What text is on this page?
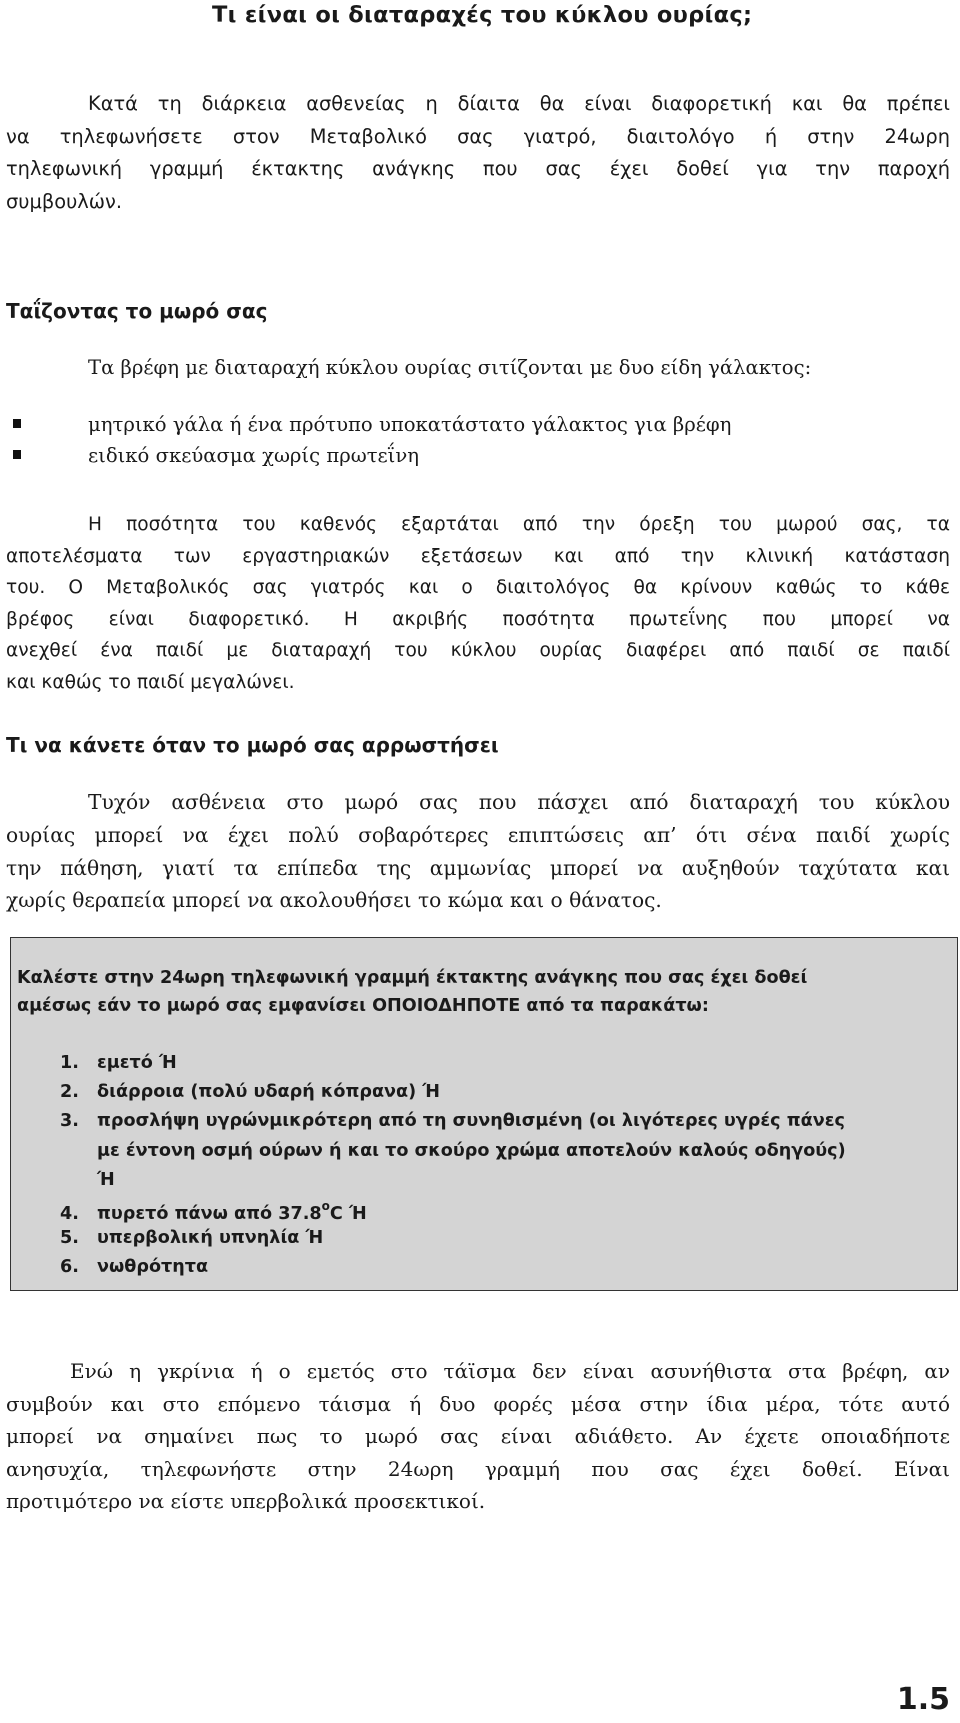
Τι είναι οι διαταραχές του κύκλου ουρίας;
Κατά τη διάρκεια ασθενείας η δίαιτα θα είναι διαφορετική και θα πρέπει
να τηλεφωνήσετε στον Μεταβολικό σας γιατρό, διαιτολόγο ή στην 24ωρη
τηλεφωνική γραμμή έκτακτης ανάγκης που σας έχει δοθεί για την παροχή
συμβουλών.
Ταΐζοντας το μωρό σας
Τα βρέφη με διαταραχή κύκλου ουρίας σιτίζονται με δυο είδη γάλακτος:
μητρικό γάλα ή ένα πρότυπο υποκατάστατο γάλακτος για βρέφη
ειδικό σκεύασμα χωρίς πρωτεΐνη
Η ποσότητα του καθενός εξαρτάται από την όρεξη του μωρού σας, τα
αποτελέσματα των εργαστηριακών εξετάσεων και από την κλινική κατάσταση
του. Ο Μεταβολικός σας γιατρός και ο διαιτολόγος θα κρίνουν καθώς το κάθε
βρέφος είναι διαφορετικό. Η ακριβής ποσότητα πρωτεΐνης που μπορεί να
ανεχθεί ένα παιδί με διαταραχή του κύκλου ουρίας διαφέρει από παιδί σε παιδί
και καθώς το παιδί μεγαλώνει.
Τι να κάνετε όταν το μωρό σας αρρωστήσει
Τυχόν ασθένεια στο μωρό σας που πάσχει από διαταραχή του κύκλου
ουρίας μπορεί να έχει πολύ σοβαρότερες επιπτώσεις απ’ ότι σένα παιδί χωρίς
την πάθηση, γιατί τα επίπεδα της αμμωνίας μπορεί να αυξηθούν ταχύτατα και
χωρίς θεραπεία μπορεί να ακολουθήσει το κώμα και ο θάνατος.
Καλέστε στην 24ωρη τηλεφωνική γραμμή έκτακτης ανάγκης που σας έχει δοθεί
αμέσως εάν το μωρό σας εμφανίσει ΟΠΟΙΟΔΗΠΟΤΕ από τα παρακάτω:
1. εμετό Ή
2. διάρροια (πολύ υδαρή κόπρανα) Ή
3. προσλήψη υγρώνμικρότερη από τη συνηθισμένη (οι λιγότερες υγρές πάνες
με έντονη οσμή ούρων ή και το σκούρο χρώμα αποτελούν καλούς οδηγούς)
Ή
4. πυρετό πάνω από 37.8$^o$C Ή
5. υπερβολική υπνηλία Ή
6. νωθρότητα
Ενώ η γκρίνια ή ο εμετός στο τάϊσμα δεν είναι ασυνήθιστα στα βρέφη, αν
συμβούν και στο επόμενο τάισμα ή δυο φορές μέσα στην ίδια μέρα, τότε αυτό
μπορεί να σημαίνει πως το μωρό σας είναι αδιάθετο. Αν έχετε οποιαδήποτε
ανησυχία, τηλεφωνήστε στην 24ωρη γραμμή που σας έχει δοθεί. Είναι
προτιμότερο να είστε υπερβολικά προσεκτικοί.
1.5
